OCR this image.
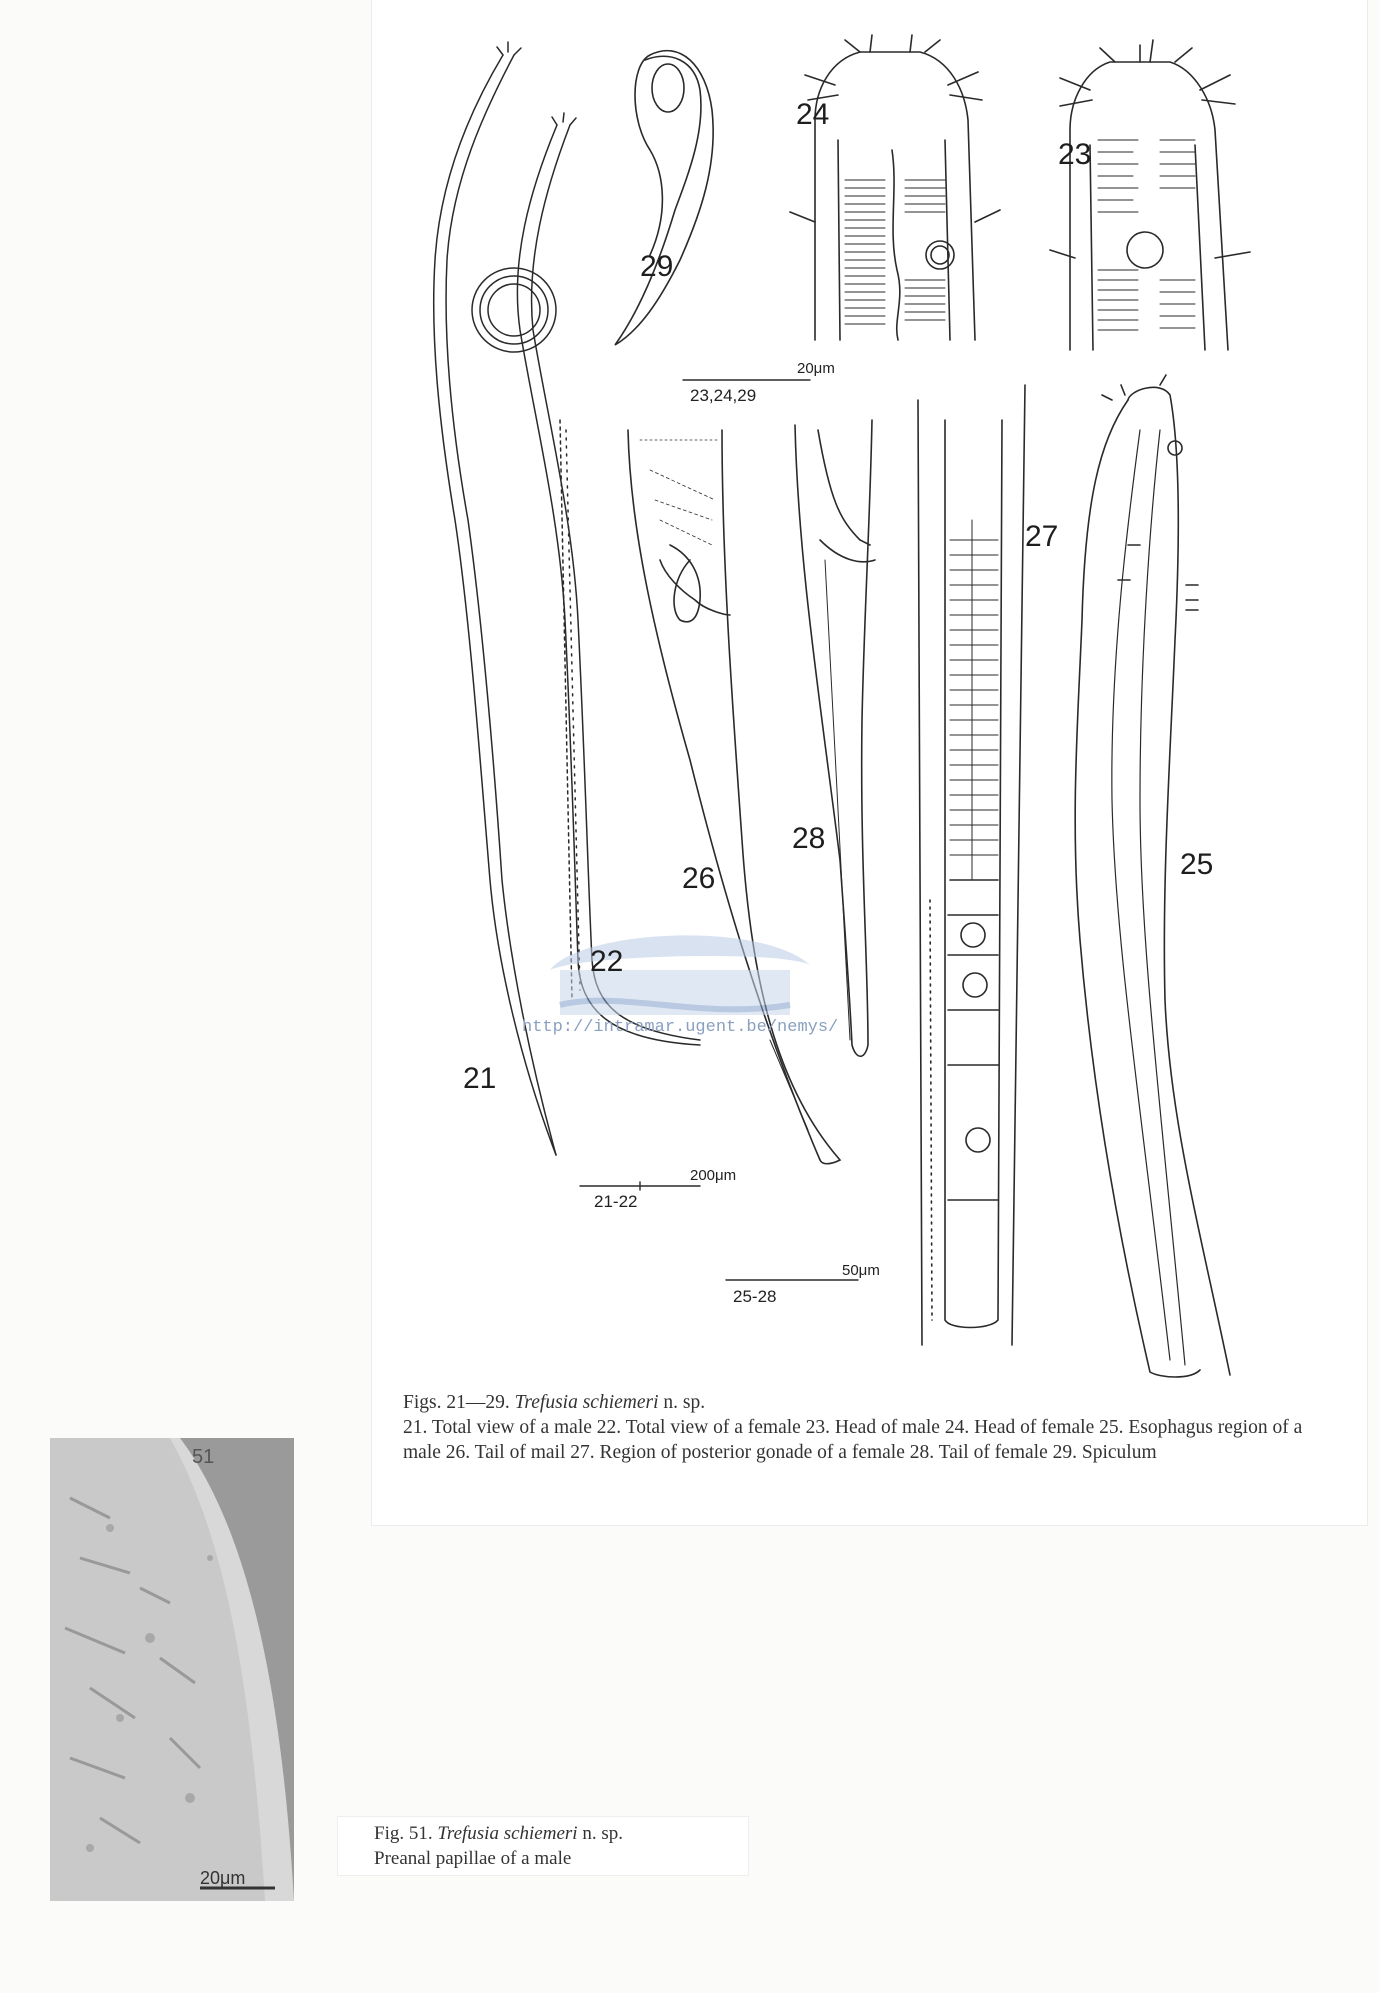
http://intramar.ugent.be/nemys/
21
22
23
24
25
26
27
28
29
20μm
23,24,29
200μm
21-22
50μm
25-28
Figs. 21—29. Trefusia schiemeri n. sp.
21. Total view of a male 22. Total view of a female 23. Head of male 24. Head of female 25. Esophagus region of a male 26. Tail of mail 27. Region of posterior gonade of a female 28. Tail of female 29. Spiculum
51
20μm
Fig. 51. Trefusia schiemeri n. sp.
Preanal papillae of a male
